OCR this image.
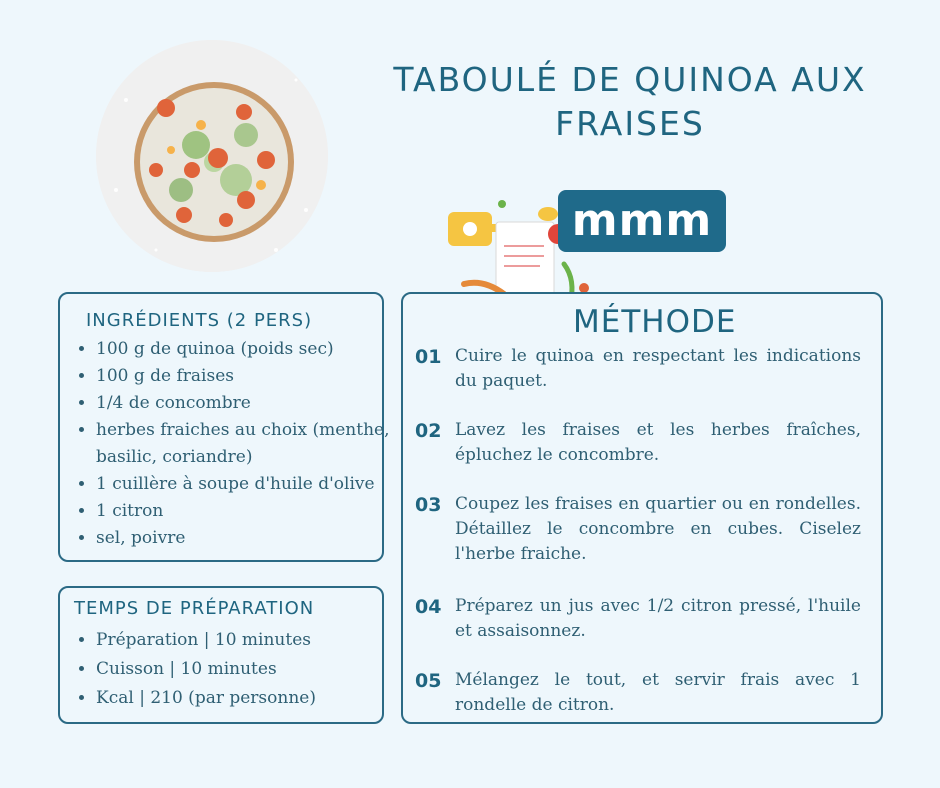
TABOULÉ DE QUINOA AUX FRAISES
mmm
INGRÉDIENTS (2 PERS)
• 100 g de quinoa (poids sec)
• 100 g de fraises
• 1/4 de concombre
• herbes fraiches au choix (menthe, basilic, coriandre)
• 1 cuillère à soupe d'huile d'olive
• 1 citron
• sel, poivre
TEMPS DE PRÉPARATION
• Préparation | 10 minutes
• Cuisson | 10 minutes
• Kcal | 210 (par personne)
MÉTHODE
01 Cuire le quinoa en respectant les indications du paquet.
02 Lavez les fraises et les herbes fraîches, épluchez le concombre.
03 Coupez les fraises en quartier ou en rondelles. Détaillez le concombre en cubes. Ciselez l'herbe fraiche.
04 Préparez un jus avec 1/2 citron pressé, l'huile et assaisonnez.
05 Mélangez le tout, et servir frais avec 1 rondelle de citron.
